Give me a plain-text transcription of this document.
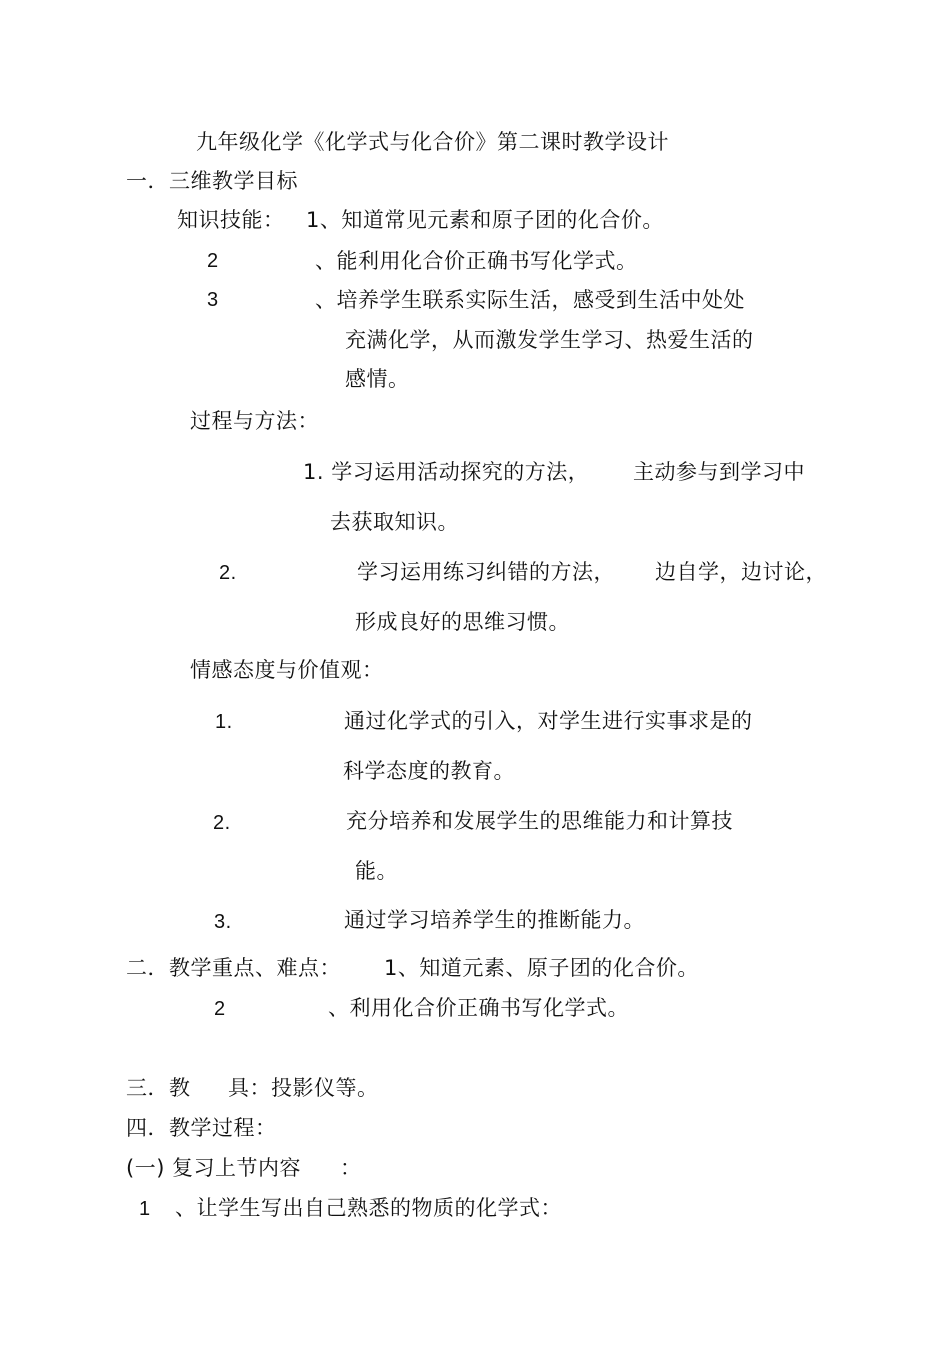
九年级化学《化学式与化合价》第二课时教学设计
一．三维教学目标
知识技能： 1、知道常见元素和原子团的化合价。
2	、能利用化合价正确书写化学式。
3	、培养学生联系实际生活，感受到生活中处处
充满化学，从而激发学生学习、热爱生活的
感情。
过程与方法：
1. 学习运用活动探究的方法， 主动参与到学习中
去获取知识。
2.	学习运用练习纠错的方法， 边自学，边讨论，
形成良好的思维习惯。
情感态度与价值观：
1.	通过化学式的引入，对学生进行实事求是的
科学态度的教育。
2.	充分培养和发展学生的思维能力和计算技
能。
3.	通过学习培养学生的推断能力。
二．教学重点、难点： 1、知道元素、原子团的化合价。
2	、利用化合价正确书写化学式。
三．教 具：投影仪等。
四．教学过程：
(一) 复习上节内容 ：
1 、让学生写出自己熟悉的物质的化学式：
